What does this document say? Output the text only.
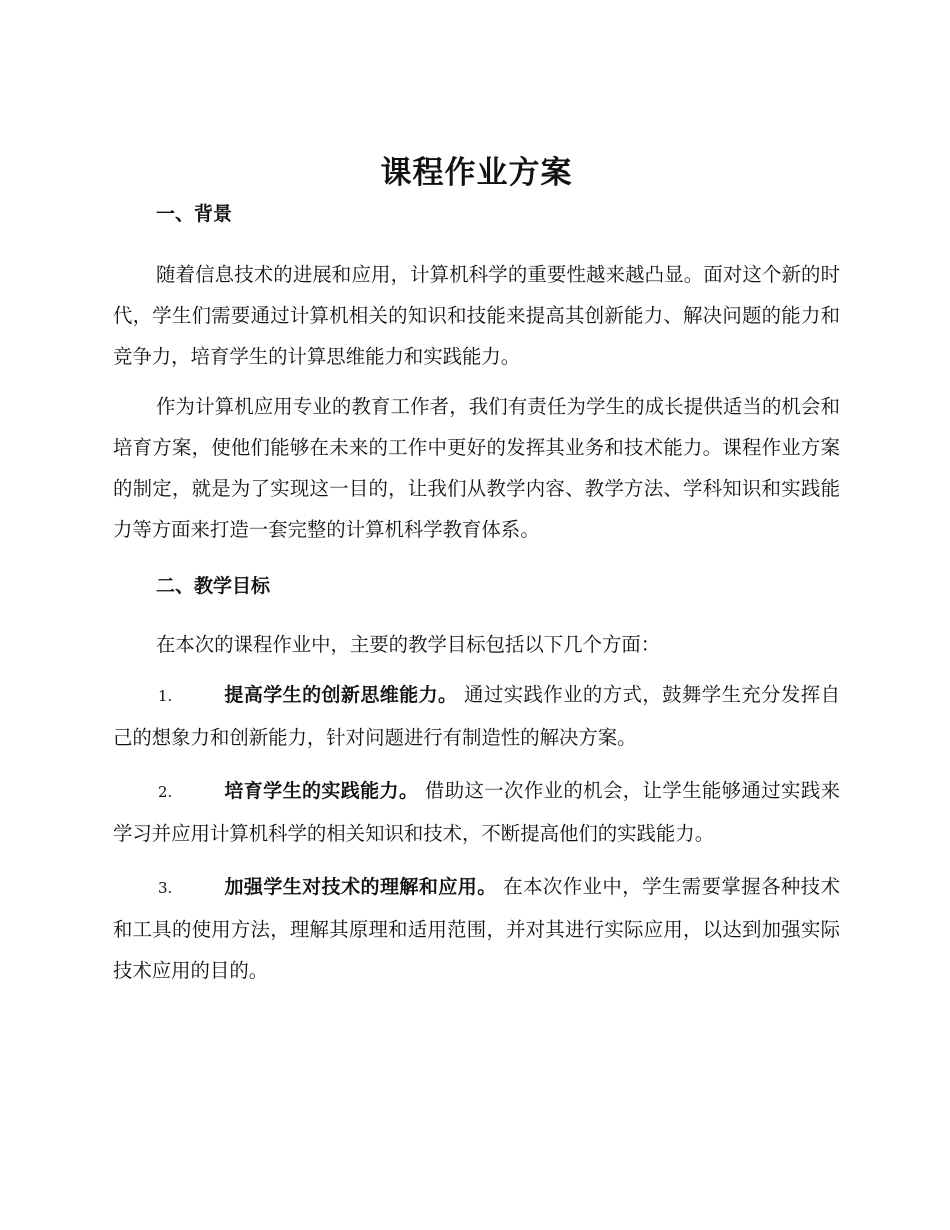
课程作业方案
一、背景

随着信息技术的进展和应用，计算机科学的重要性越来越凸显。面对这个新的时代，学生们需要通过计算机相关的知识和技能来提高其创新能力、解决问题的能力和竞争力，培育学生的计算思维能力和实践能力。

作为计算机应用专业的教育工作者，我们有责任为学生的成长提供适当的机会和培育方案，使他们能够在未来的工作中更好的发挥其业务和技术能力。课程作业方案的制定，就是为了实现这一目的，让我们从教学内容、教学方法、学科知识和实践能力等方面来打造一套完整的计算机科学教育体系。

二、教学目标

在本次的课程作业中，主要的教学目标包括以下几个方面：

1.	提高学生的创新思维能力。 通过实践作业的方式，鼓舞学生充分发挥自己的想象力和创新能力，针对问题进行有制造性的解决方案。

2.	培育学生的实践能力。 借助这一次作业的机会，让学生能够通过实践来学习并应用计算机科学的相关知识和技术，不断提高他们的实践能力。

3.	加强学生对技术的理解和应用。 在本次作业中，学生需要掌握各种技术和工具的使用方法，理解其原理和适用范围，并对其进行实际应用，以达到加强实际技术应用的目的。
